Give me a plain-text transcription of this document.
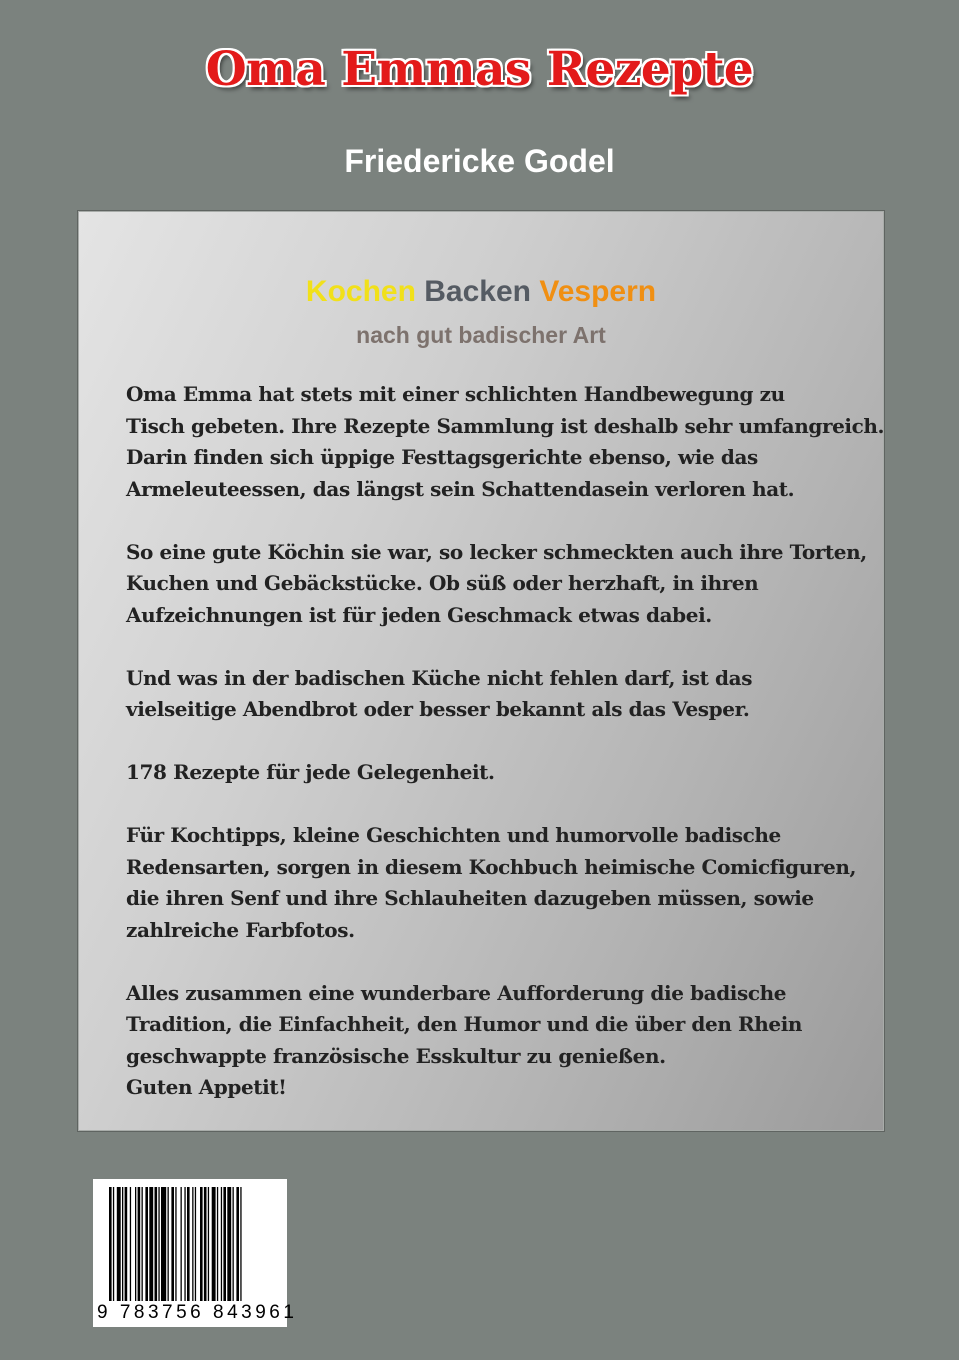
Oma Emmas Rezepte
Friedericke Godel
Kochen Backen Vespern
nach gut badischer Art

Oma Emma hat stets mit einer schlichten Handbewegung zu
Tisch gebeten. Ihre Rezepte Sammlung ist deshalb sehr umfangreich.
Darin finden sich üppige Festtagsgerichte ebenso, wie das
Armeleuteessen, das längst sein Schattendasein verloren hat.

So eine gute Köchin sie war, so lecker schmeckten auch ihre Torten,
Kuchen und Gebäckstücke. Ob süß oder herzhaft, in ihren
Aufzeichnungen ist für jeden Geschmack etwas dabei.

Und was in der badischen Küche nicht fehlen darf, ist das
vielseitige Abendbrot oder besser bekannt als das Vesper.

178 Rezepte für jede Gelegenheit.

Für Kochtipps, kleine Geschichten und humorvolle badische
Redensarten, sorgen in diesem Kochbuch heimische Comicfiguren,
die ihren Senf und ihre Schlauheiten dazugeben müssen, sowie
zahlreiche Farbfotos.

Alles zusammen eine wunderbare Aufforderung die badische
Tradition, die Einfachheit, den Humor und die über den Rhein
geschwappte französische Esskultur zu genießen.
Guten Appetit!

9 783756 843961
